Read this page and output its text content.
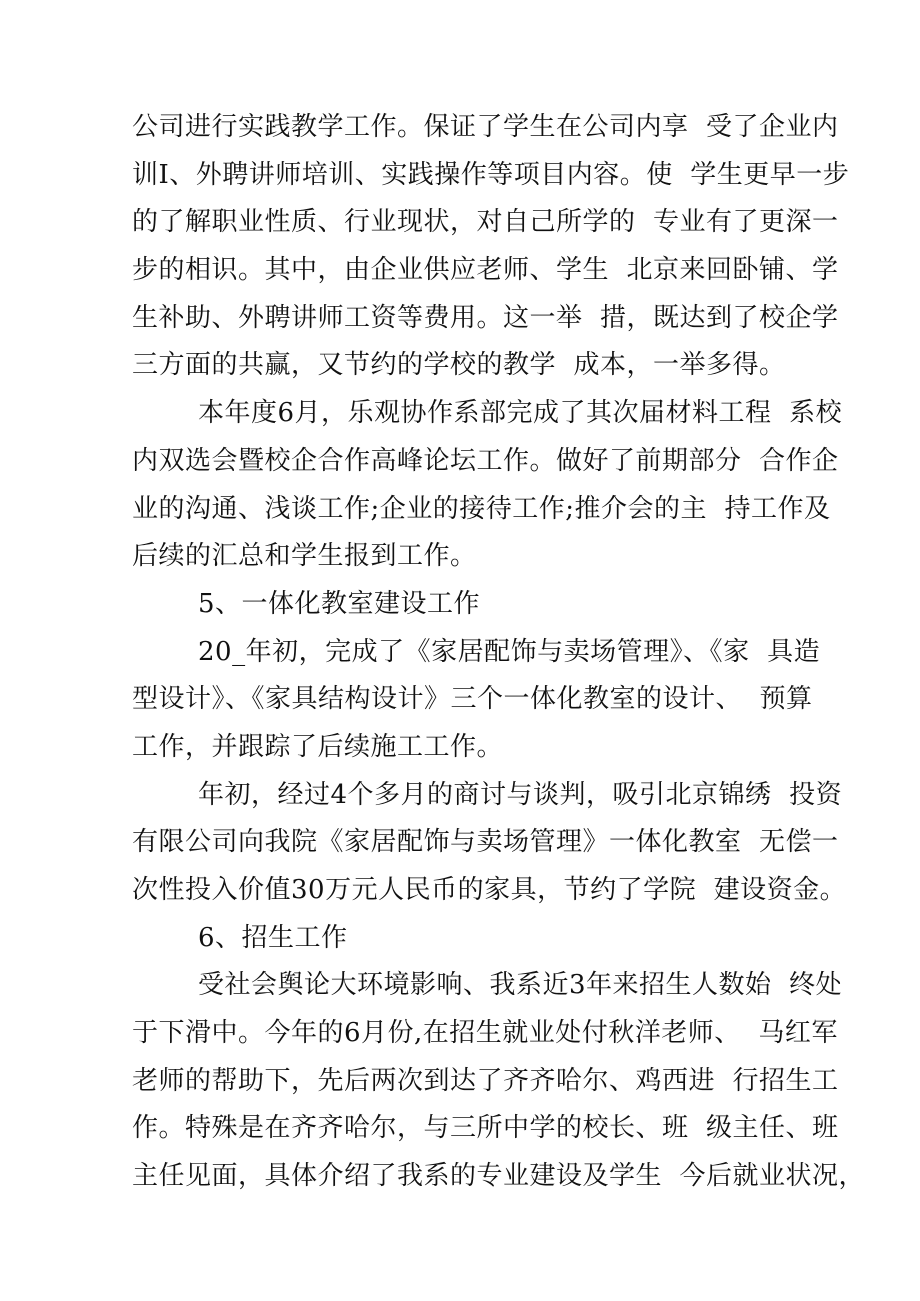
公司进行实践教学工作。保证了学生在公司内享  受了企业内
训I、外聘讲师培训、实践操作等项目内容。使  学生更早一步
的了解职业性质、行业现状，对自己所学的  专业有了更深一
步的相识。其中，由企业供应老师、学生  北京来回卧铺、学
生补助、外聘讲师工资等费用。这一举  措，既达到了校企学
三方面的共赢，又节约的学校的教学  成本，一举多得。
本年度6月，乐观协作系部完成了其次届材料工程  系校
内双选会暨校企合作高峰论坛工作。做好了前期部分  合作企
业的沟通、浅谈工作;企业的接待工作;推介会的主  持工作及
后续的汇总和学生报到工作。
5、一体化教室建设工作
20_年初，完成了《家居配饰与卖场管理》、《家  具造
型设计》、《家具结构设计》三个一体化教室的设计、  预算
工作，并跟踪了后续施工工作。
年初，经过4个多月的商讨与谈判，吸引北京锦绣  投资
有限公司向我院《家居配饰与卖场管理》一体化教室  无偿一
次性投入价值30万元人民币的家具，节约了学院  建设资金。
6、招生工作
受社会舆论大环境影响、我系近3年来招生人数始  终处
于下滑中。今年的6月份,在招生就业处付秋洋老师、  马红军
老师的帮助下，先后两次到达了齐齐哈尔、鸡西进  行招生工
作。特殊是在齐齐哈尔，与三所中学的校长、班  级主任、班
主任见面，具体介绍了我系的专业建设及学生  今后就业状况，
